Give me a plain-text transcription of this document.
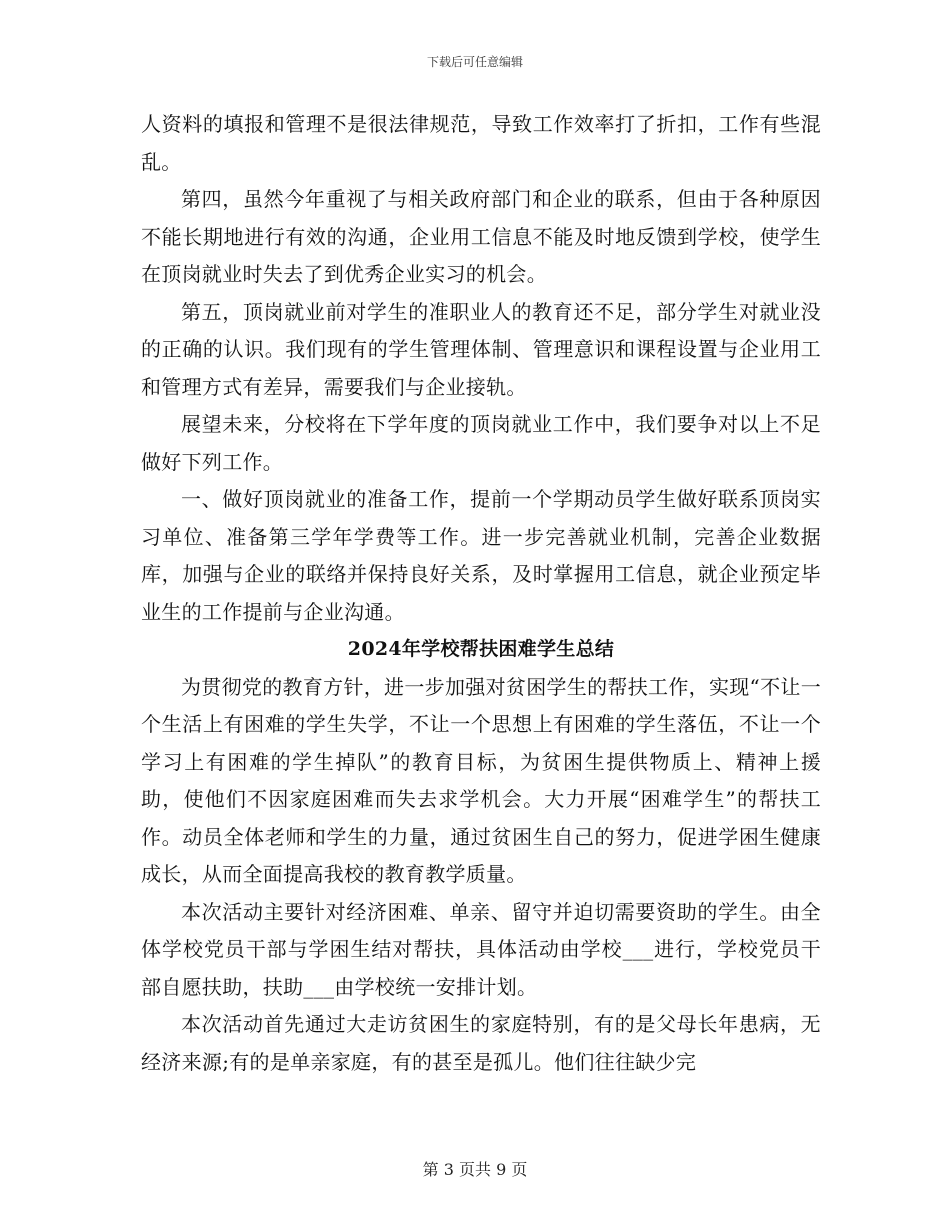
下载后可任意编辑

人资料的填报和管理不是很法律规范，导致工作效率打了折扣，工作有些混乱。

第四，虽然今年重视了与相关政府部门和企业的联系，但由于各种原因不能长期地进行有效的沟通，企业用工信息不能及时地反馈到学校，使学生在顶岗就业时失去了到优秀企业实习的机会。

第五，顶岗就业前对学生的准职业人的教育还不足，部分学生对就业没的正确的认识。我们现有的学生管理体制、管理意识和课程设置与企业用工和管理方式有差异，需要我们与企业接轨。

展望未来，分校将在下学年度的顶岗就业工作中，我们要争对以上不足做好下列工作。

一、做好顶岗就业的准备工作，提前一个学期动员学生做好联系顶岗实习单位、准备第三学年学费等工作。进一步完善就业机制，完善企业数据库，加强与企业的联络并保持良好关系，及时掌握用工信息，就企业预定毕业生的工作提前与企业沟通。

2024年学校帮扶困难学生总结

为贯彻党的教育方针，进一步加强对贫困学生的帮扶工作，实现“不让一个生活上有困难的学生失学，不让一个思想上有困难的学生落伍，不让一个学习上有困难的学生掉队”的教育目标，为贫困生提供物质上、精神上援助，使他们不因家庭困难而失去求学机会。大力开展“困难学生”的帮扶工作。动员全体老师和学生的力量，通过贫困生自己的努力，促进学困生健康成长，从而全面提高我校的教育教学质量。

本次活动主要针对经济困难、单亲、留守并迫切需要资助的学生。由全体学校党员干部与学困生结对帮扶，具体活动由学校___进行，学校党员干部自愿扶助，扶助___由学校统一安排计划。

本次活动首先通过大走访贫困生的家庭特别，有的是父母长年患病，无经济来源;有的是单亲家庭，有的甚至是孤儿。他们往往缺少完

第 3 页共 9 页
